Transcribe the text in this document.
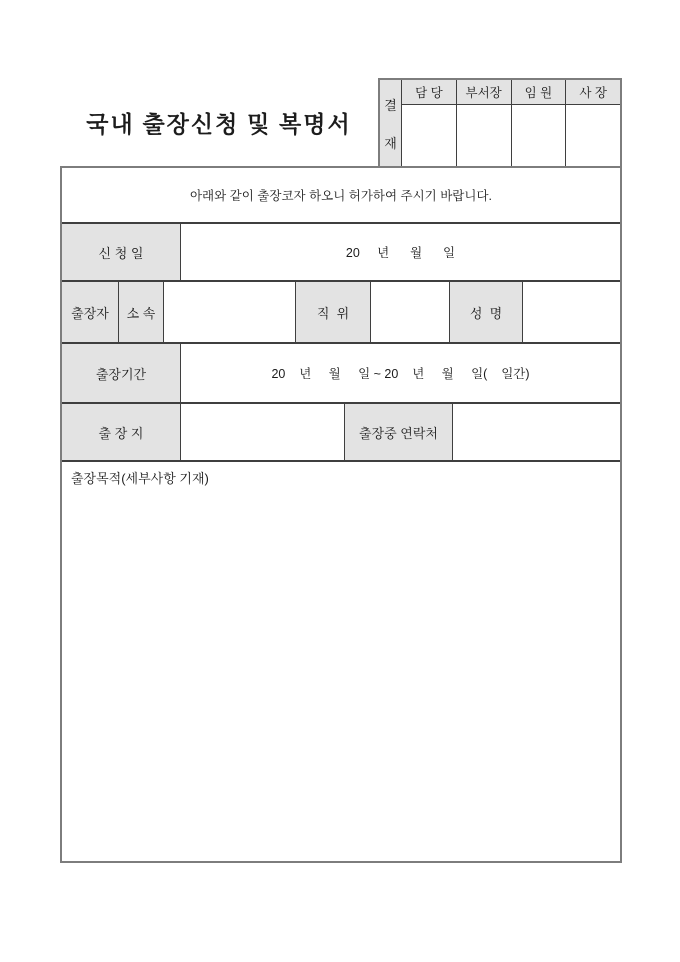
국내 출장신청 및 복명서
결
재
담 당	부서장	임 원	사 장
아래와 같이 출장코자 하오니 허가하여 주시기 바랍니다.
신 청 일	20     년      월      일
출장자	소 속	직  위	성  명
출장기간	20    년     월     일 ~ 20    년     월     일(    일간)
출 장 지	출장중 연락처
출장목적(세부사항 기재)
